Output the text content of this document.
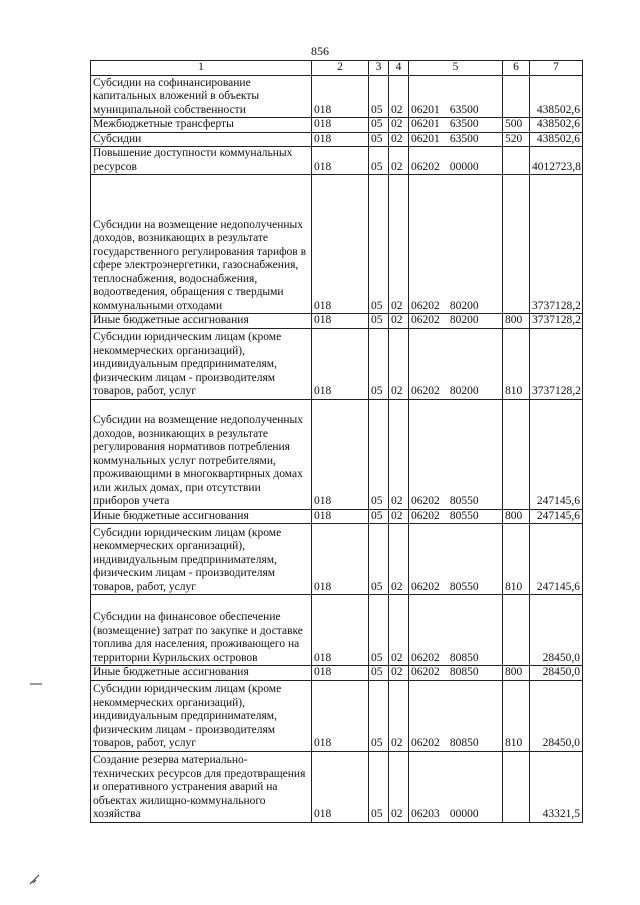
856
1	2	3	4	5	6	7
Субсидии на софинансирование капитальных вложений в объекты муниципальной собственности	018	05	02	06201 63500		438502,6
Межбюджетные трансферты	018	05	02	06201 63500	500	438502,6
Субсидии	018	05	02	06201 63500	520	438502,6
Повышение доступности коммунальных ресурсов	018	05	02	06202 00000		4012723,8
Субсидии на возмещение недополученных доходов, возникающих в результате государственного регулирования тарифов в сфере электроэнергетики, газоснабжения, теплоснабжения, водоснабжения, водоотведения, обращения с твердыми коммунальными отходами	018	05	02	06202 80200		3737128,2
Иные бюджетные ассигнования	018	05	02	06202 80200	800	3737128,2
Субсидии юридическим лицам (кроме некоммерческих организаций), индивидуальным предпринимателям, физическим лицам - производителям товаров, работ, услуг	018	05	02	06202 80200	810	3737128,2
Субсидии на возмещение недополученных доходов, возникающих в результате регулирования нормативов потребления коммунальных услуг потребителями, проживающими в многоквартирных домах или жилых домах, при отсутствии приборов учета	018	05	02	06202 80550		247145,6
Иные бюджетные ассигнования	018	05	02	06202 80550	800	247145,6
Субсидии юридическим лицам (кроме некоммерческих организаций), индивидуальным предпринимателям, физическим лицам - производителям товаров, работ, услуг	018	05	02	06202 80550	810	247145,6
Субсидии на финансовое обеспечение (возмещение) затрат по закупке и доставке топлива для населения, проживающего на территории Курильских островов	018	05	02	06202 80850		28450,0
Иные бюджетные ассигнования	018	05	02	06202 80850	800	28450,0
Субсидии юридическим лицам (кроме некоммерческих организаций), индивидуальным предпринимателям, физическим лицам - производителям товаров, работ, услуг	018	05	02	06202 80850	810	28450,0
Создание резерва материально-технических ресурсов для предотвращения и оперативного устранения аварий на объектах жилищно-коммунального хозяйства	018	05	02	06203 00000		43321,5
